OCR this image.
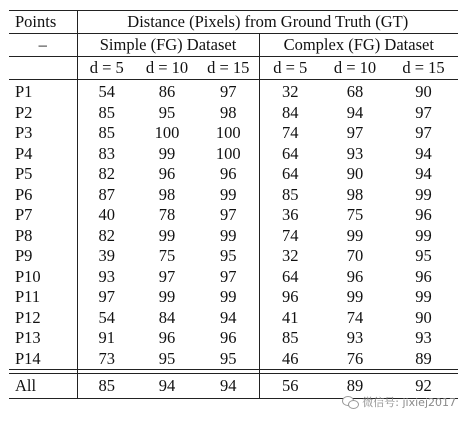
Points	Distance (Pixels) from Ground Truth (GT)					
–	Simple (FG) Dataset			Complex (FG) Dataset		
	d = 5	d = 10	d = 15	d = 5	d = 10	d = 15
P1	54	86	97	32	68	90
P2	85	95	98	84	94	97
P3	85	100	100	74	97	97
P4	83	99	100	64	93	94
P5	82	96	96	64	90	94
P6	87	98	99	85	98	99
P7	40	78	97	36	75	96
P8	82	99	99	74	99	99
P9	39	75	95	32	70	95
P10	93	97	97	64	96	96
P11	97	99	99	96	99	99
P12	54	84	94	41	74	90
P13	91	96	96	85	93	93
P14	73	95	95	46	76	89

All	85	94	94	56	89	92
微信号: jixiej2017
